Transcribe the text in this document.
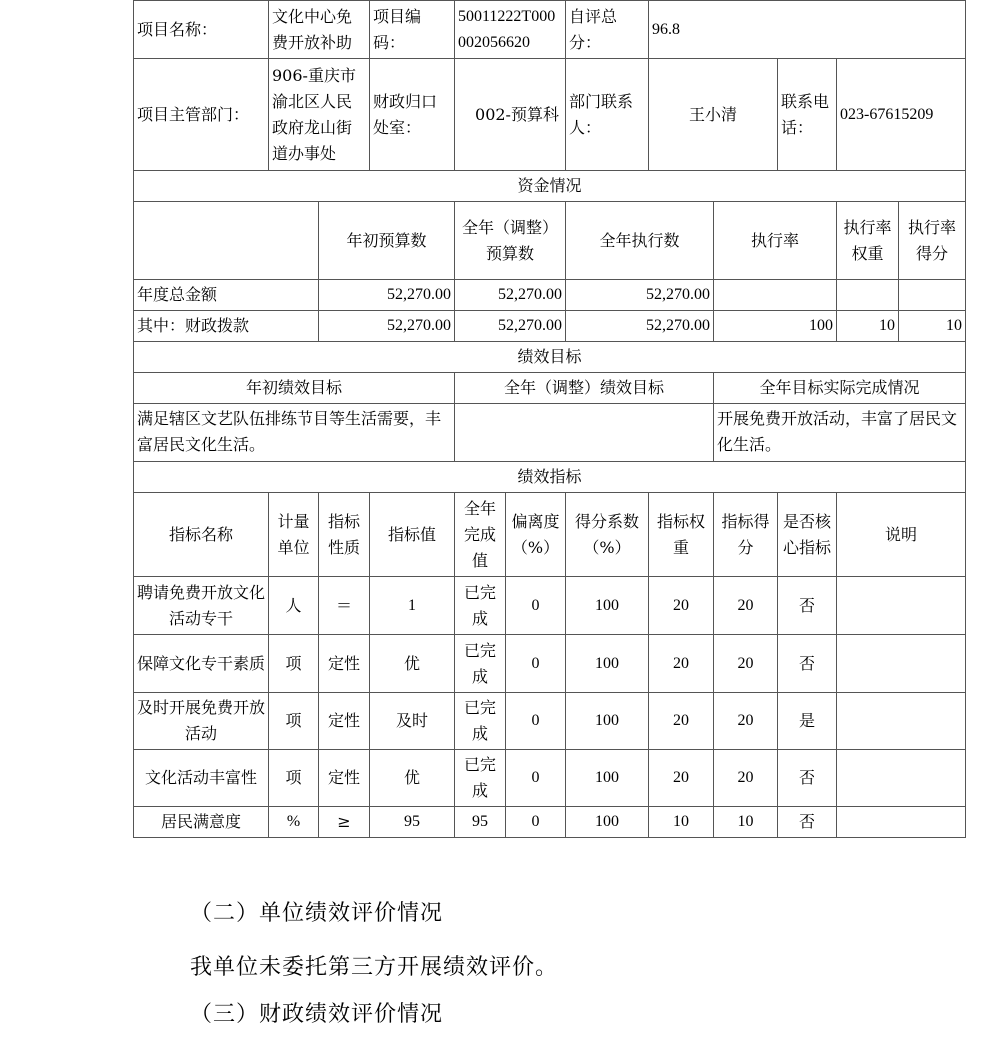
项目名称：	文化中心免费开放补助		项目编码：	50011222T000002056620		自评总分：	96.8				
项目主管部门：	906-重庆市渝北区人民政府龙山街道办事处		财政归口处室：	002-预算科		部门联系人：	王小清		联系电话：	023-67615209	
资金情况											
		年初预算数		全年（调整）预算数		全年执行数		执行率		执行率权重	执行率得分
年度总金额		52,270.00		52,270.00		52,270.00					
其中：财政拨款		52,270.00		52,270.00		52,270.00		100		10	10
绩效目标											
年初绩效目标				全年（调整）绩效目标				全年目标实际完成情况			
满足辖区文艺队伍排练节目等生活需要，丰富居民文化生活。								开展免费开放活动，丰富了居民文化生活。			
绩效指标											
指标名称	计量单位	指标性质	指标值	全年完成值	偏离度（%）	得分系数（%）	指标权重	指标得分	是否核心指标	说明	
聘请免费开放文化活动专干	人	＝	1	已完成	0	100	20	20	否		
保障文化专干素质	项	定性	优	已完成	0	100	20	20	否		
及时开展免费开放活动	项	定性	及时	已完成	0	100	20	20	是		
文化活动丰富性	项	定性	优	已完成	0	100	20	20	否		
居民满意度	%	≥	95	95	0	100	10	10	否		
（二）单位绩效评价情况
我单位未委托第三方开展绩效评价。
（三）财政绩效评价情况
